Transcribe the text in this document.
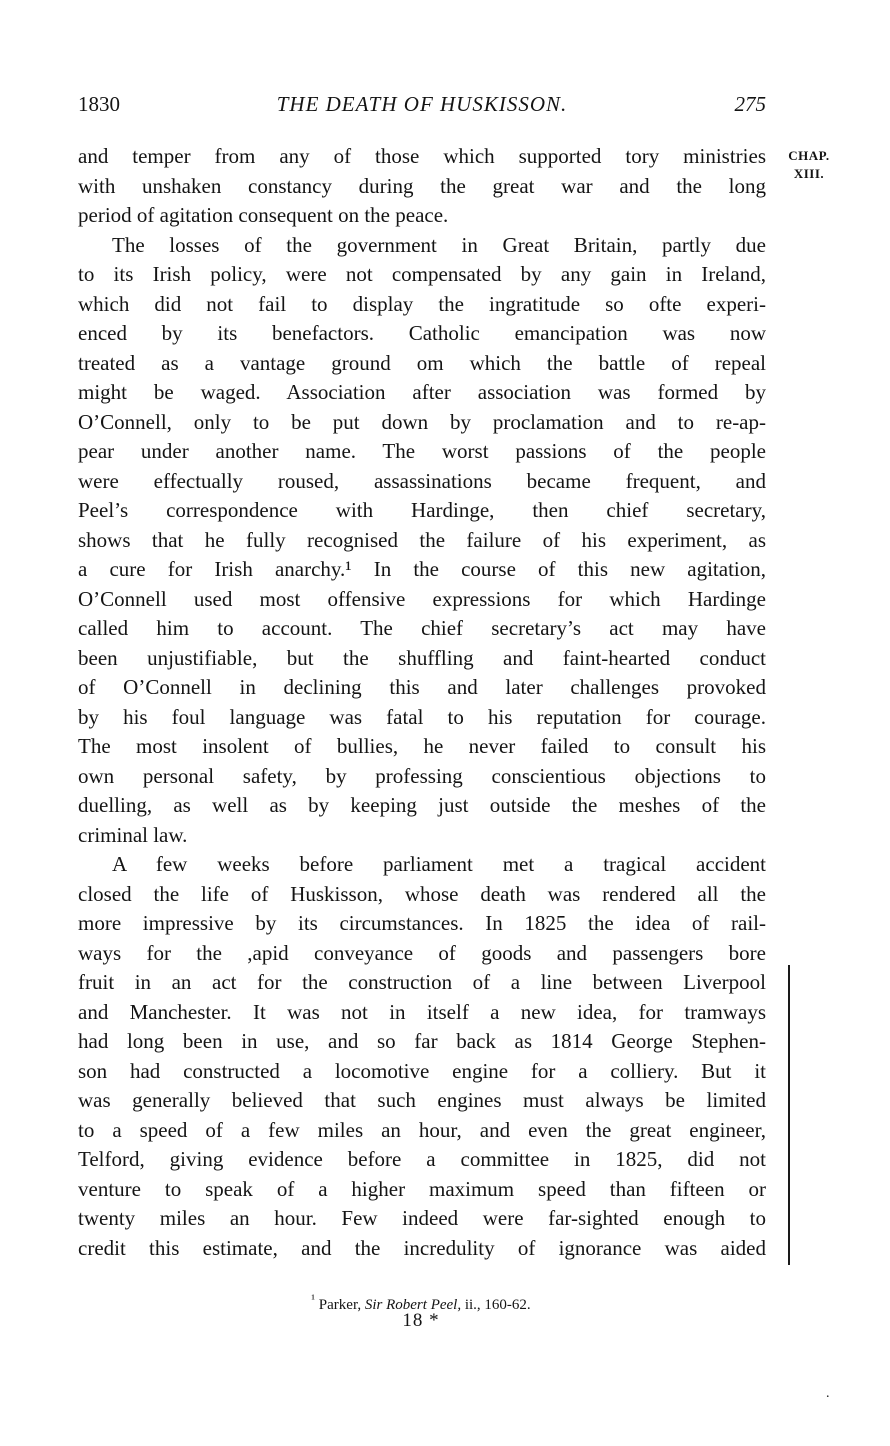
1830	THE DEATH OF HUSKISSON.	275
CHAP.
XIII.
and temper from any of those which supported tory ministries
with unshaken constancy during the great war and the long
period of agitation consequent on the peace.
The losses of the government in Great Britain, partly due
to its Irish policy, were not compensated by any gain in Ireland,
which did not fail to display the ingratitude so ofte experi-
enced by its benefactors. Catholic emancipation was now
treated as a vantage ground om which the battle of repeal
might be waged. Association after association was formed by
O’Connell, only to be put down by proclamation and to re-ap-
pear under another name. The worst passions of the people
were effectually roused, assassinations became frequent, and
Peel’s correspondence with Hardinge, then chief secretary,
shows that he fully recognised the failure of his experiment, as
a cure for Irish anarchy.¹ In the course of this new agitation,
O’Connell used most offensive expressions for which Hardinge
called him to account. The chief secretary’s act may have
been unjustifiable, but the shuffling and faint-hearted conduct
of O’Connell in declining this and later challenges provoked
by his foul language was fatal to his reputation for courage.
The most insolent of bullies, he never failed to consult his
own personal safety, by professing conscientious objections to
duelling, as well as by keeping just outside the meshes of the
criminal law.
A few weeks before parliament met a tragical accident
closed the life of Huskisson, whose death was rendered all the
more impressive by its circumstances. In 1825 the idea of rail-
ways for the ,apid conveyance of goods and passengers bore
fruit in an act for the construction of a line between Liverpool
and Manchester. It was not in itself a new idea, for tramways
had long been in use, and so far back as 1814 George Stephen-
son had constructed a locomotive engine for a colliery. But it
was generally believed that such engines must always be limited
to a speed of a few miles an hour, and even the great engineer,
Telford, giving evidence before a committee in 1825, did not
venture to speak of a higher maximum speed than fifteen or
twenty miles an hour. Few indeed were far-sighted enough to
credit this estimate, and the incredulity of ignorance was aided
$^{^1}$ Parker, Sir Robert Peel, ii., 160-62.
18 *
.
